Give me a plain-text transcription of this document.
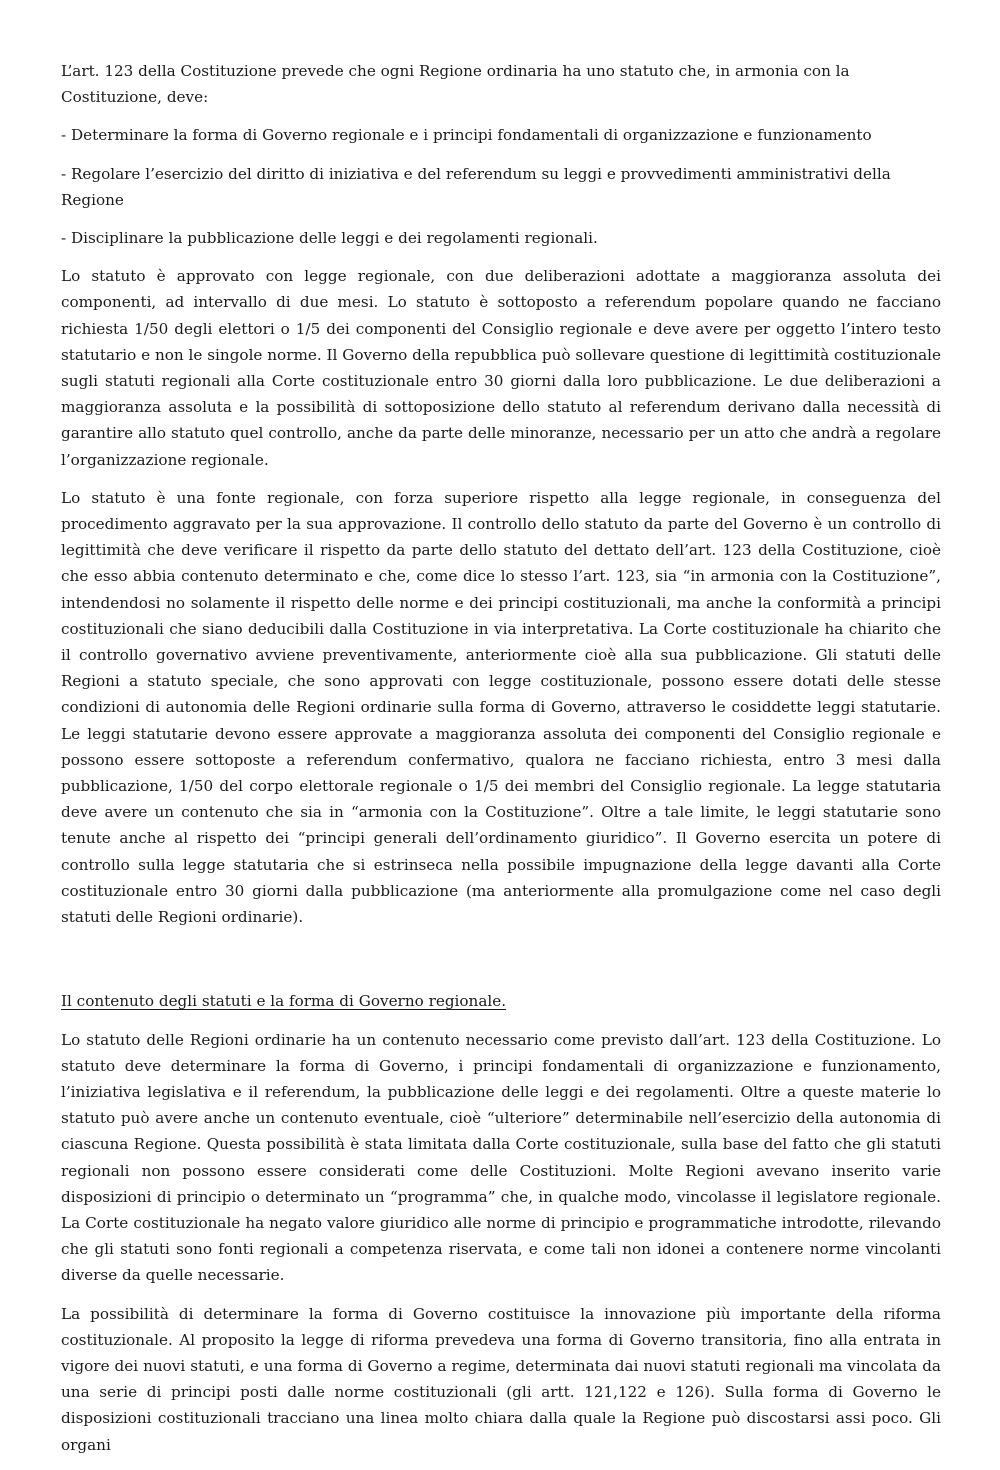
L’art. 123 della Costituzione prevede che ogni Regione ordinaria ha uno statuto che, in armonia con la Costituzione, deve:

- Determinare la forma di Governo regionale e i principi fondamentali di organizzazione e funzionamento

- Regolare l’esercizio del diritto di iniziativa e del referendum su leggi e provvedimenti amministrativi della Regione

- Disciplinare la pubblicazione delle leggi e dei regolamenti regionali.

Lo statuto è approvato con legge regionale, con due deliberazioni adottate a maggioranza assoluta dei componenti, ad intervallo di due mesi. Lo statuto è sottoposto a referendum popolare quando ne facciano richiesta 1/50 degli elettori o 1/5 dei componenti del Consiglio regionale e deve avere per oggetto l’intero testo statutario e non le singole norme. Il Governo della repubblica può sollevare questione di legittimità costituzionale sugli statuti regionali alla Corte costituzionale entro 30 giorni dalla loro pubblicazione. Le due deliberazioni a maggioranza assoluta e la possibilità di sottoposizione dello statuto al referendum derivano dalla necessità di garantire allo statuto quel controllo, anche da parte delle minoranze, necessario per un atto che andrà a regolare l’organizzazione regionale.

Lo statuto è una fonte regionale, con forza superiore rispetto alla legge regionale, in conseguenza del procedimento aggravato per la sua approvazione. Il controllo dello statuto da parte del Governo è un controllo di legittimità che deve verificare il rispetto da parte dello statuto del dettato dell’art. 123 della Costituzione, cioè che esso abbia contenuto determinato e che, come dice lo stesso l’art. 123, sia “in armonia con la Costituzione”, intendendosi no solamente il rispetto delle norme e dei principi costituzionali, ma anche la conformità a principi costituzionali che siano deducibili dalla Costituzione in via interpretativa. La Corte costituzionale ha chiarito che il controllo governativo avviene preventivamente, anteriormente cioè alla sua pubblicazione. Gli statuti delle Regioni a statuto speciale, che sono approvati con legge costituzionale, possono essere dotati delle stesse condizioni di autonomia delle Regioni ordinarie sulla forma di Governo, attraverso le cosiddette leggi statutarie. Le leggi statutarie devono essere approvate a maggioranza assoluta dei componenti del Consiglio regionale e possono essere sottoposte a referendum confermativo, qualora ne facciano richiesta, entro 3 mesi dalla pubblicazione, 1/50 del corpo elettorale regionale o 1/5 dei membri del Consiglio regionale. La legge statutaria deve avere un contenuto che sia in “armonia con la Costituzione”. Oltre a tale limite, le leggi statutarie sono tenute anche al rispetto dei “principi generali dell’ordinamento giuridico”. Il Governo esercita un potere di controllo sulla legge statutaria che si estrinseca nella possibile impugnazione della legge davanti alla Corte costituzionale entro 30 giorni dalla pubblicazione (ma anteriormente alla promulgazione come nel caso degli statuti delle Regioni ordinarie).

Il contenuto degli statuti e la forma di Governo regionale.

Lo statuto delle Regioni ordinarie ha un contenuto necessario come previsto dall’art. 123 della Costituzione. Lo statuto deve determinare la forma di Governo, i principi fondamentali di organizzazione e funzionamento, l’iniziativa legislativa e il referendum, la pubblicazione delle leggi e dei regolamenti. Oltre a queste materie lo statuto può avere anche un contenuto eventuale, cioè “ulteriore” determinabile nell’esercizio della autonomia di ciascuna Regione. Questa possibilità è stata limitata dalla Corte costituzionale, sulla base del fatto che gli statuti regionali non possono essere considerati come delle Costituzioni. Molte Regioni avevano inserito varie disposizioni di principio o determinato un “programma” che, in qualche modo, vincolasse il legislatore regionale. La Corte costituzionale ha negato valore giuridico alle norme di principio e programmatiche introdotte, rilevando che gli statuti sono fonti regionali a competenza riservata, e come tali non idonei a contenere norme vincolanti diverse da quelle necessarie.

La possibilità di determinare la forma di Governo costituisce la innovazione più importante della riforma costituzionale. Al proposito la legge di riforma prevedeva una forma di Governo transitoria, fino alla entrata in vigore dei nuovi statuti, e una forma di Governo a regime, determinata dai nuovi statuti regionali ma vincolata da una serie di principi posti dalle norme costituzionali (gli artt. 121,122 e 126). Sulla forma di Governo le disposizioni costituzionali tracciano una linea molto chiara dalla quale la Regione può discostarsi assi poco. Gli organi
